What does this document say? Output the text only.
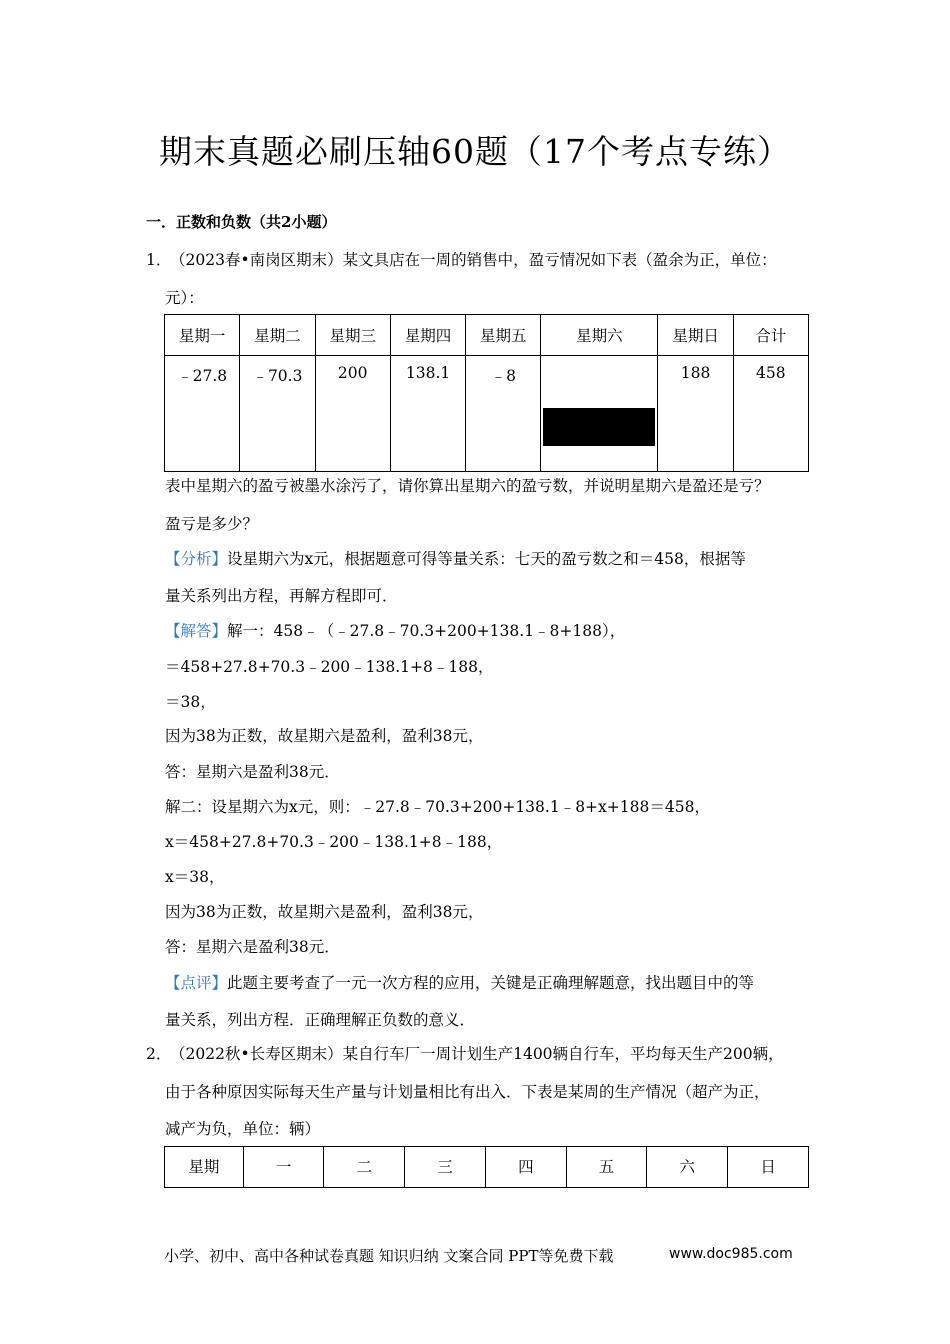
期末真题必刷压轴60题（17个考点专练）
一．正数和负数（共2小题）
1．
（2023春•南岗区期末）某文具店在一周的销售中，盈亏情况如下表（盈余为正，单位：
元）：
星期一	星期二	星期三	星期四	星期五	星期六	星期日	合计
﹣27.8	﹣70.3	200	138.1	﹣8		188	458
表中星期六的盈亏被墨水涂污了，请你算出星期六的盈亏数，并说明星期六是盈还是亏？
盈亏是多少？
【分析】设星期六为x元，根据题意可得等量关系：七天的盈亏数之和＝458，根据等
量关系列出方程，再解方程即可．
【解答】解一：458﹣（﹣27.8﹣70.3+200+138.1﹣8+188），
＝458+27.8+70.3﹣200﹣138.1+8﹣188，
＝38，
因为38为正数，故星期六是盈利，盈利38元，
答：星期六是盈利38元．
解二：设星期六为x元，则：﹣27.8﹣70.3+200+138.1﹣8+x+188＝458，
x＝458+27.8+70.3﹣200﹣138.1+8﹣188，
x＝38，
因为38为正数，故星期六是盈利，盈利38元，
答：星期六是盈利38元．
【点评】此题主要考查了一元一次方程的应用，关键是正确理解题意，找出题目中的等
量关系，列出方程．正确理解正负数的意义．
2．
（2022秋•长寿区期末）某自行车厂一周计划生产1400辆自行车，平均每天生产200辆，
由于各种原因实际每天生产量与计划量相比有出入．下表是某周的生产情况（超产为正，
减产为负，单位：辆）
星期	一	二	三	四	五	六	日
小学、初中、高中各种试卷真题 知识归纳 文案合同 PPT等免费下载	www.doc985.com
